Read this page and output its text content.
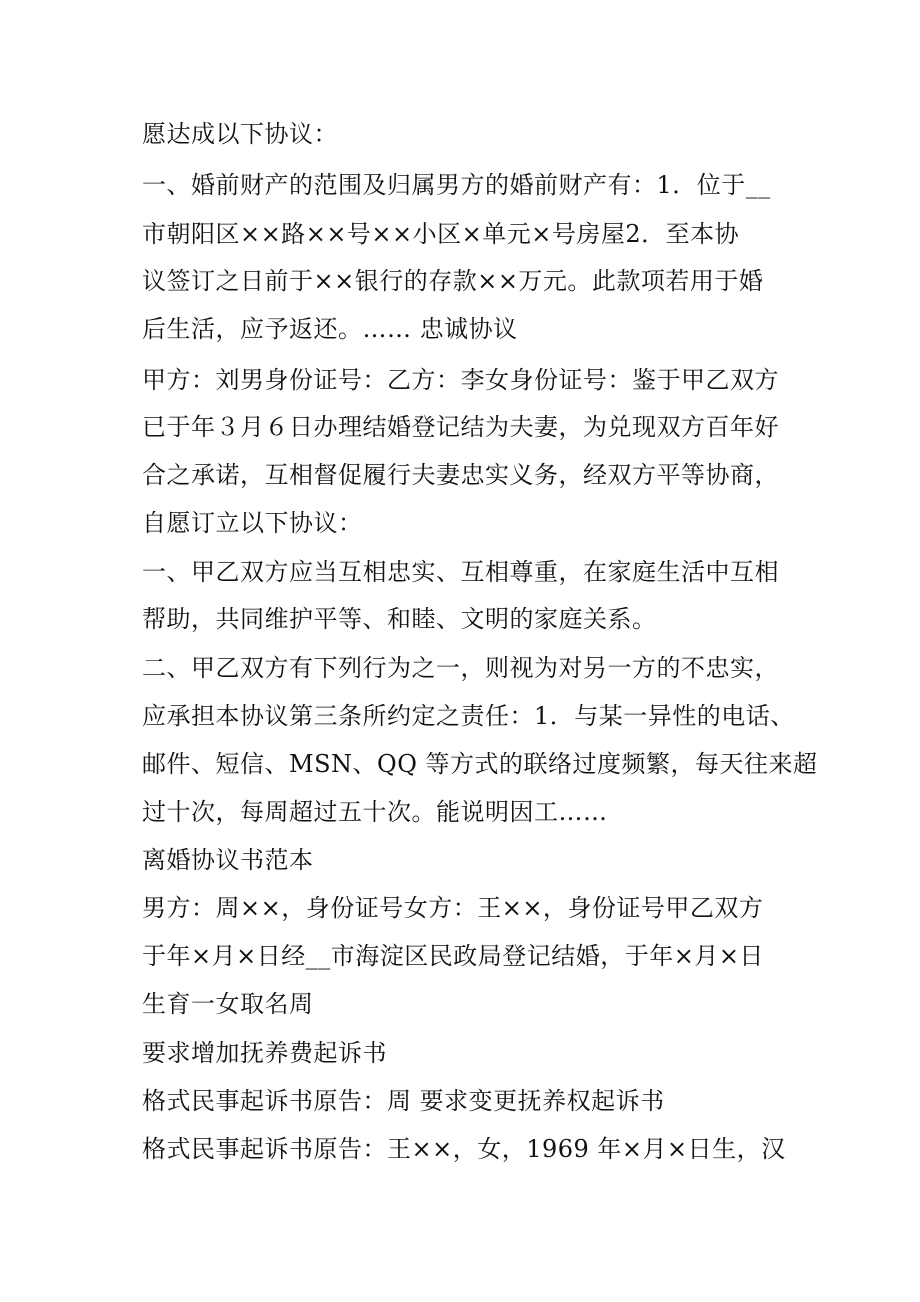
愿达成以下协议：
一、婚前财产的范围及归属男方的婚前财产有：1．位于__
市朝阳区××路××号××小区×单元×号房屋2．至本协
议签订之日前于××银行的存款××万元。此款项若用于婚
后生活，应予返还。…… 忠诚协议
甲方：刘男身份证号：乙方：李女身份证号：鉴于甲乙双方
已于年３月６日办理结婚登记结为夫妻，为兑现双方百年好
合之承诺，互相督促履行夫妻忠实义务，经双方平等协商，
自愿订立以下协议：
一、甲乙双方应当互相忠实、互相尊重，在家庭生活中互相
帮助，共同维护平等、和睦、文明的家庭关系。
二、甲乙双方有下列行为之一，则视为对另一方的不忠实，
应承担本协议第三条所约定之责任：1．与某一异性的电话、
邮件、短信、MSN、QQ 等方式的联络过度频繁，每天往来超
过十次，每周超过五十次。能说明因工……
离婚协议书范本
男方：周××，身份证号女方：王××，身份证号甲乙双方
于年×月×日经__市海淀区民政局登记结婚，于年×月×日
生育一女取名周
要求增加抚养费起诉书
格式民事起诉书原告：周 要求变更抚养权起诉书
格式民事起诉书原告：王××，女，1969 年×月×日生，汉
